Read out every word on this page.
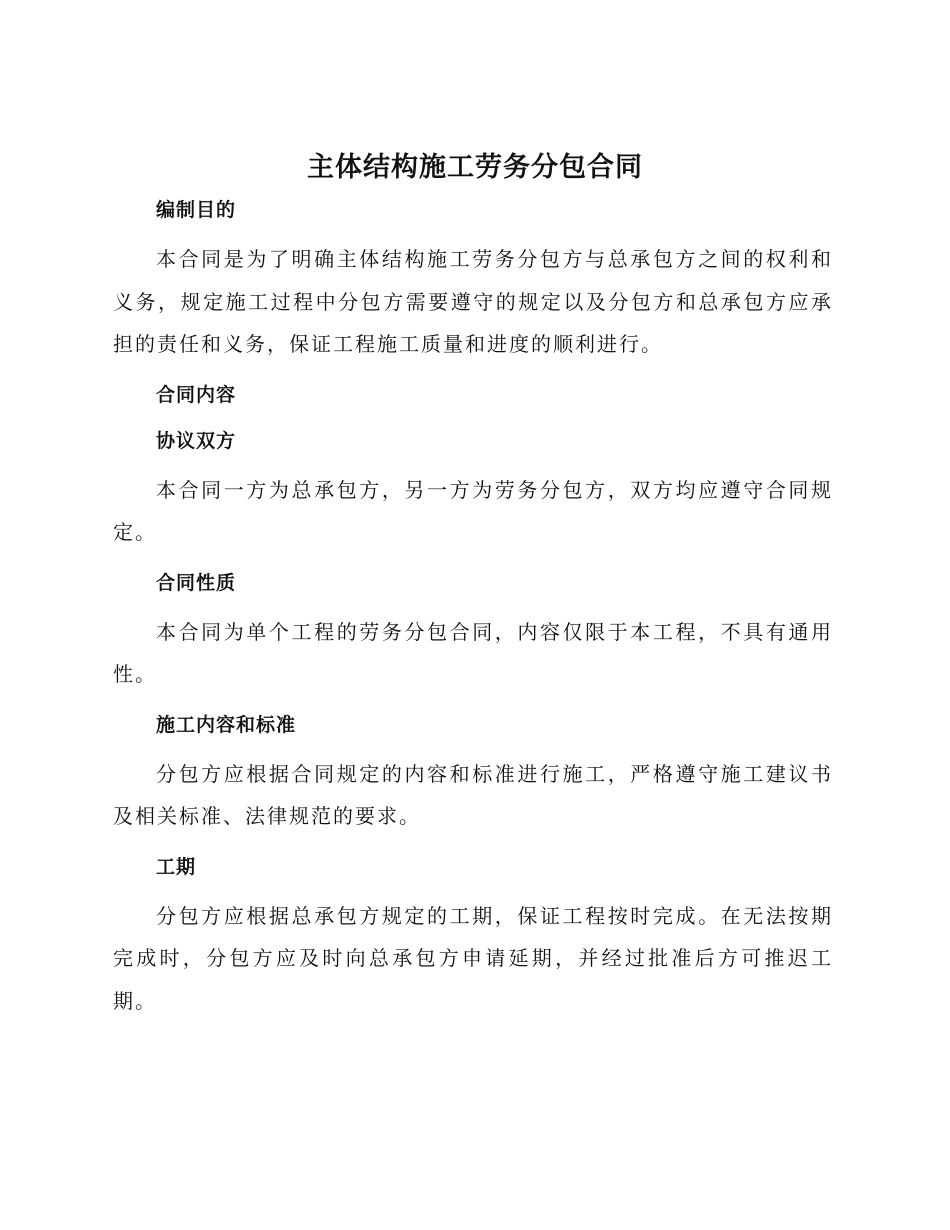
主体结构施工劳务分包合同
编制目的

本合同是为了明确主体结构施工劳务分包方与总承包方之间的权利和义务，规定施工过程中分包方需要遵守的规定以及分包方和总承包方应承担的责任和义务，保证工程施工质量和进度的顺利进行。

合同内容
协议双方

本合同一方为总承包方，另一方为劳务分包方，双方均应遵守合同规定。

合同性质

本合同为单个工程的劳务分包合同，内容仅限于本工程，不具有通用性。

施工内容和标准

分包方应根据合同规定的内容和标准进行施工，严格遵守施工建议书及相关标准、法律规范的要求。

工期

分包方应根据总承包方规定的工期，保证工程按时完成。在无法按期完成时，分包方应及时向总承包方申请延期，并经过批准后方可推迟工期。
